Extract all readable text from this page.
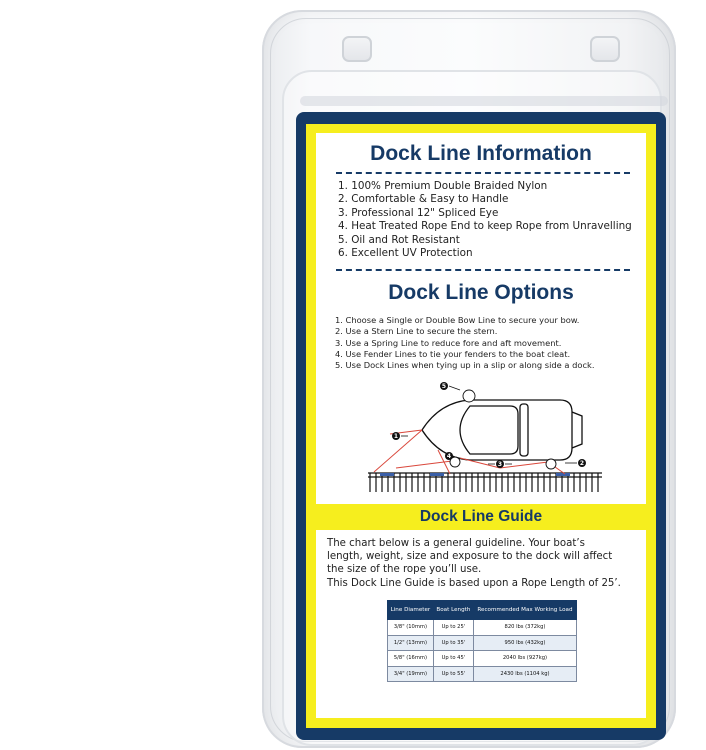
Dock Line Information
1. 100% Premium Double Braided Nylon
2. Comfortable & Easy to Handle
3. Professional 12" Spliced Eye
4. Heat Treated Rope End to keep Rope from Unravelling
5. Oil and Rot Resistant
6. Excellent UV Protection
Dock Line Options
1. Choose a Single or Double Bow Line to secure your bow.
2. Use a Stern Line to secure the stern.
3. Use a Spring Line to reduce fore and aft movement.
4. Use Fender Lines to tie your fenders to the boat cleat.
5. Use Dock Lines when tying up in a slip or along side a dock.
1
2
3
4
5
Dock Line Guide
The chart below is a general guideline. Your boat’s
length, weight, size and exposure to the dock will affect
the size of the rope you’ll use.
This Dock Line Guide is based upon a Rope Length of 25’.
Line Diameter	Boat Length	Recommended Max Working Load
3/8" (10mm)	Up to 25'	820 lbs (372kg)
1/2" (13mm)	Up to 35'	950 lbs (432kg)
5/8" (16mm)	Up to 45'	2040 lbs (927kg)
3/4" (19mm)	Up to 55'	2430 lbs (1104 kg)
